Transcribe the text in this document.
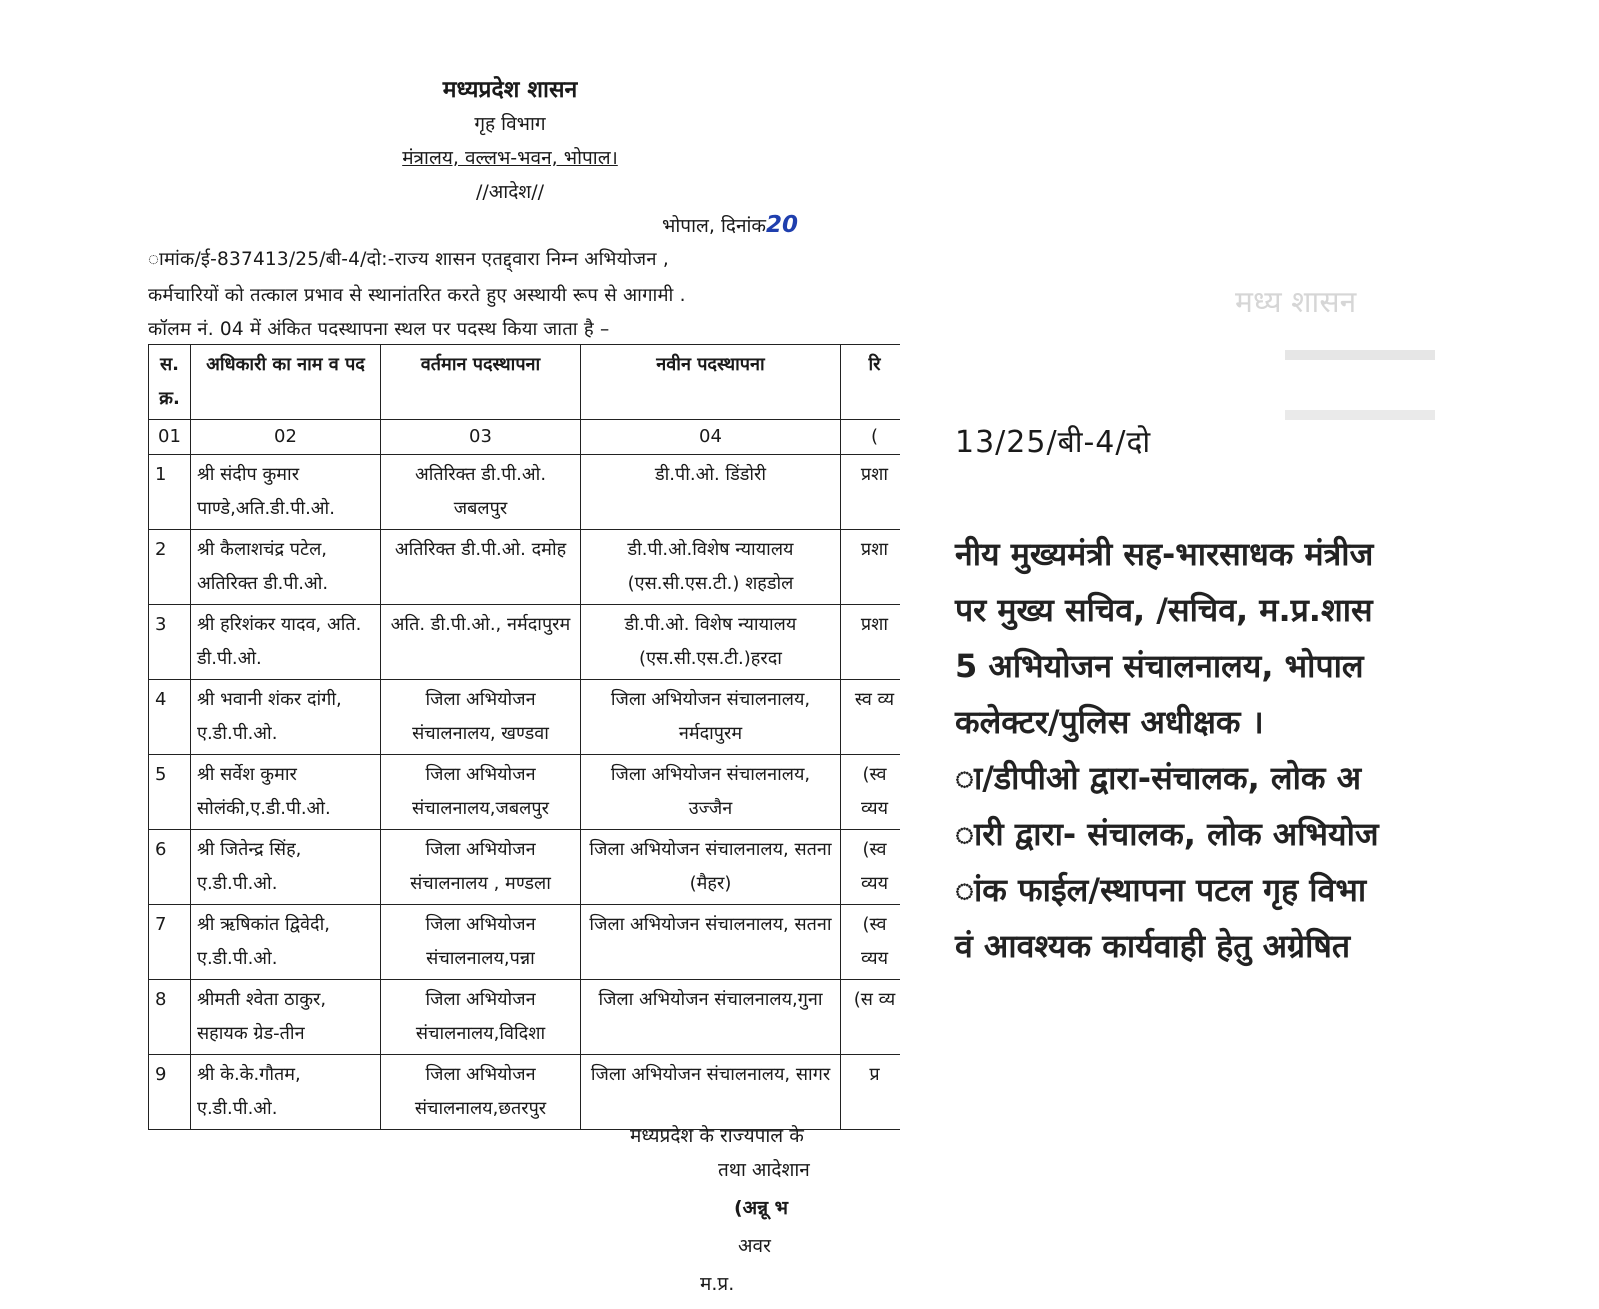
मध्यप्रदेश शासन
गृह विभाग
मंत्रालय, वल्लभ-भवन, भोपाल।
//आदेश//
भोपाल, दिनांक20
ामांक/ई-837413/25/बी-4/दो:-राज्य शासन एतद्द्वारा निम्न अभियोजन ,
कर्मचारियों को तत्काल प्रभाव से स्थानांतरित करते हुए अस्थायी रूप से आगामी .
कॉलम नं. 04 में अंकित पदस्थापना स्थल पर पदस्थ किया जाता है –
स. क्र.	अधिकारी का नाम व पद	वर्तमान पदस्थापना	नवीन पदस्थापना	रि
01	02	03	04	(
1	श्री संदीप कुमार पाण्डे,अति.डी.पी.ओ.	अतिरिक्त डी.पी.ओ. जबलपुर	डी.पी.ओ. डिंडोरी	प्रशा
2	श्री कैलाशचंद्र पटेल, अतिरिक्त डी.पी.ओ.	अतिरिक्त डी.पी.ओ. दमोह	डी.पी.ओ.विशेष न्यायालय (एस.सी.एस.टी.) शहडोल	प्रशा
3	श्री हरिशंकर यादव, अति. डी.पी.ओ.	अति. डी.पी.ओ., नर्मदापुरम	डी.पी.ओ. विशेष न्यायालय (एस.सी.एस.टी.)हरदा	प्रशा
4	श्री भवानी शंकर दांगी, ए.डी.पी.ओ.	जिला अभियोजन संचालनालय, खण्डवा	जिला अभियोजन संचालनालय, नर्मदापुरम	स्व व्य
5	श्री सर्वेश कुमार सोलंकी,ए.डी.पी.ओ.	जिला अभियोजन संचालनालय,जबलपुर	जिला अभियोजन संचालनालय, उज्जैन	(स्व व्यय
6	श्री जितेन्द्र सिंह, ए.डी.पी.ओ.	जिला अभियोजन संचालनालय , मण्डला	जिला अभियोजन संचालनालय, सतना (मैहर)	(स्व व्यय
7	श्री ऋषिकांत द्विवेदी, ए.डी.पी.ओ.	जिला अभियोजन संचालनालय,पन्ना	जिला अभियोजन संचालनालय, सतना	(स्व व्यय
8	श्रीमती श्वेता ठाकुर, सहायक ग्रेड-तीन	जिला अभियोजन संचालनालय,विदिशा	जिला अभियोजन संचालनालय,गुना	(स व्य
9	श्री के.के.गौतम, ए.डी.पी.ओ.	जिला अभियोजन संचालनालय,छतरपुर	जिला अभियोजन संचालनालय, सागर	प्र
मध्यप्रदेश के राज्यपाल के
तथा आदेशान
(अन्नू भ
अवर
म.प्र.
मध्य शासन
13/25/बी-4/दो
नीय मुख्यमंत्री सह-भारसाधक मंत्रीज
पर मुख्य सचिव, /सचिव, म.प्र.शास
5 अभियोजन संचालनालय, भोपाल
कलेक्टर/पुलिस अधीक्षक ।
ा/डीपीओ द्वारा-संचालक, लोक अ
ारी द्वारा- संचालक, लोक अभियोज
ांक फाईल/स्थापना पटल गृह विभा
वं आवश्यक कार्यवाही हेतु अग्रेषित
